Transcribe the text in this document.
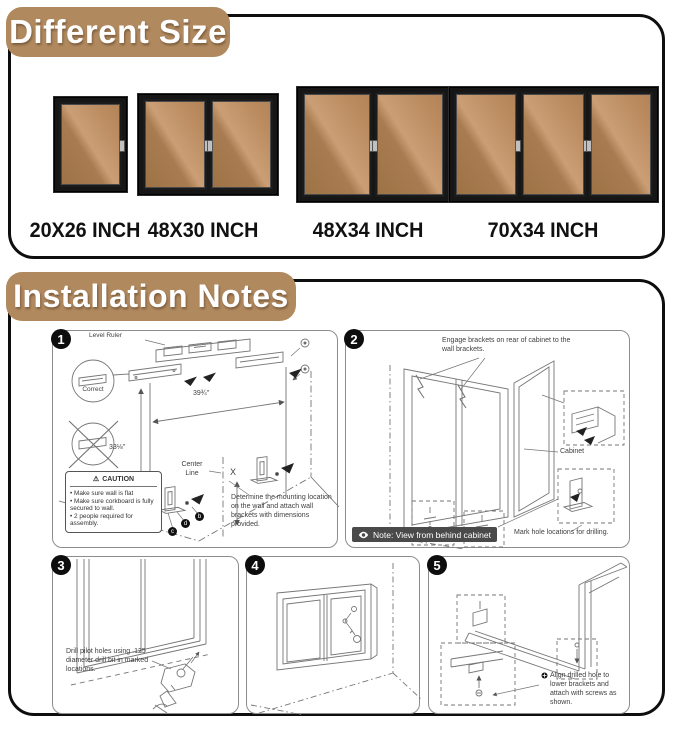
Different Size
20X26 INCH 48X30 INCH	48X34 INCH	70X34 INCH
Installation Notes
1	Level Ruler
Correct
39¾"
33⅛"
Center Line	X
c
d
b
⚠ CAUTION
• Make sure wall is flat
• Make sure corkboard is fully secured to wall.
• 2 people required for assembly.
Determine the mounting location on the wall and attach wall brackets with dimensions provided.
2	Engage brackets on rear of cabinet to the wall brackets.
Cabinet
Mark hole locations for drilling.
Note: View from behind cabinet
3
Drill pilot holes using .125 diameter drill bit in marked locations.
4	5
Align drilled hole to lower brackets and attach with screws as shown.
